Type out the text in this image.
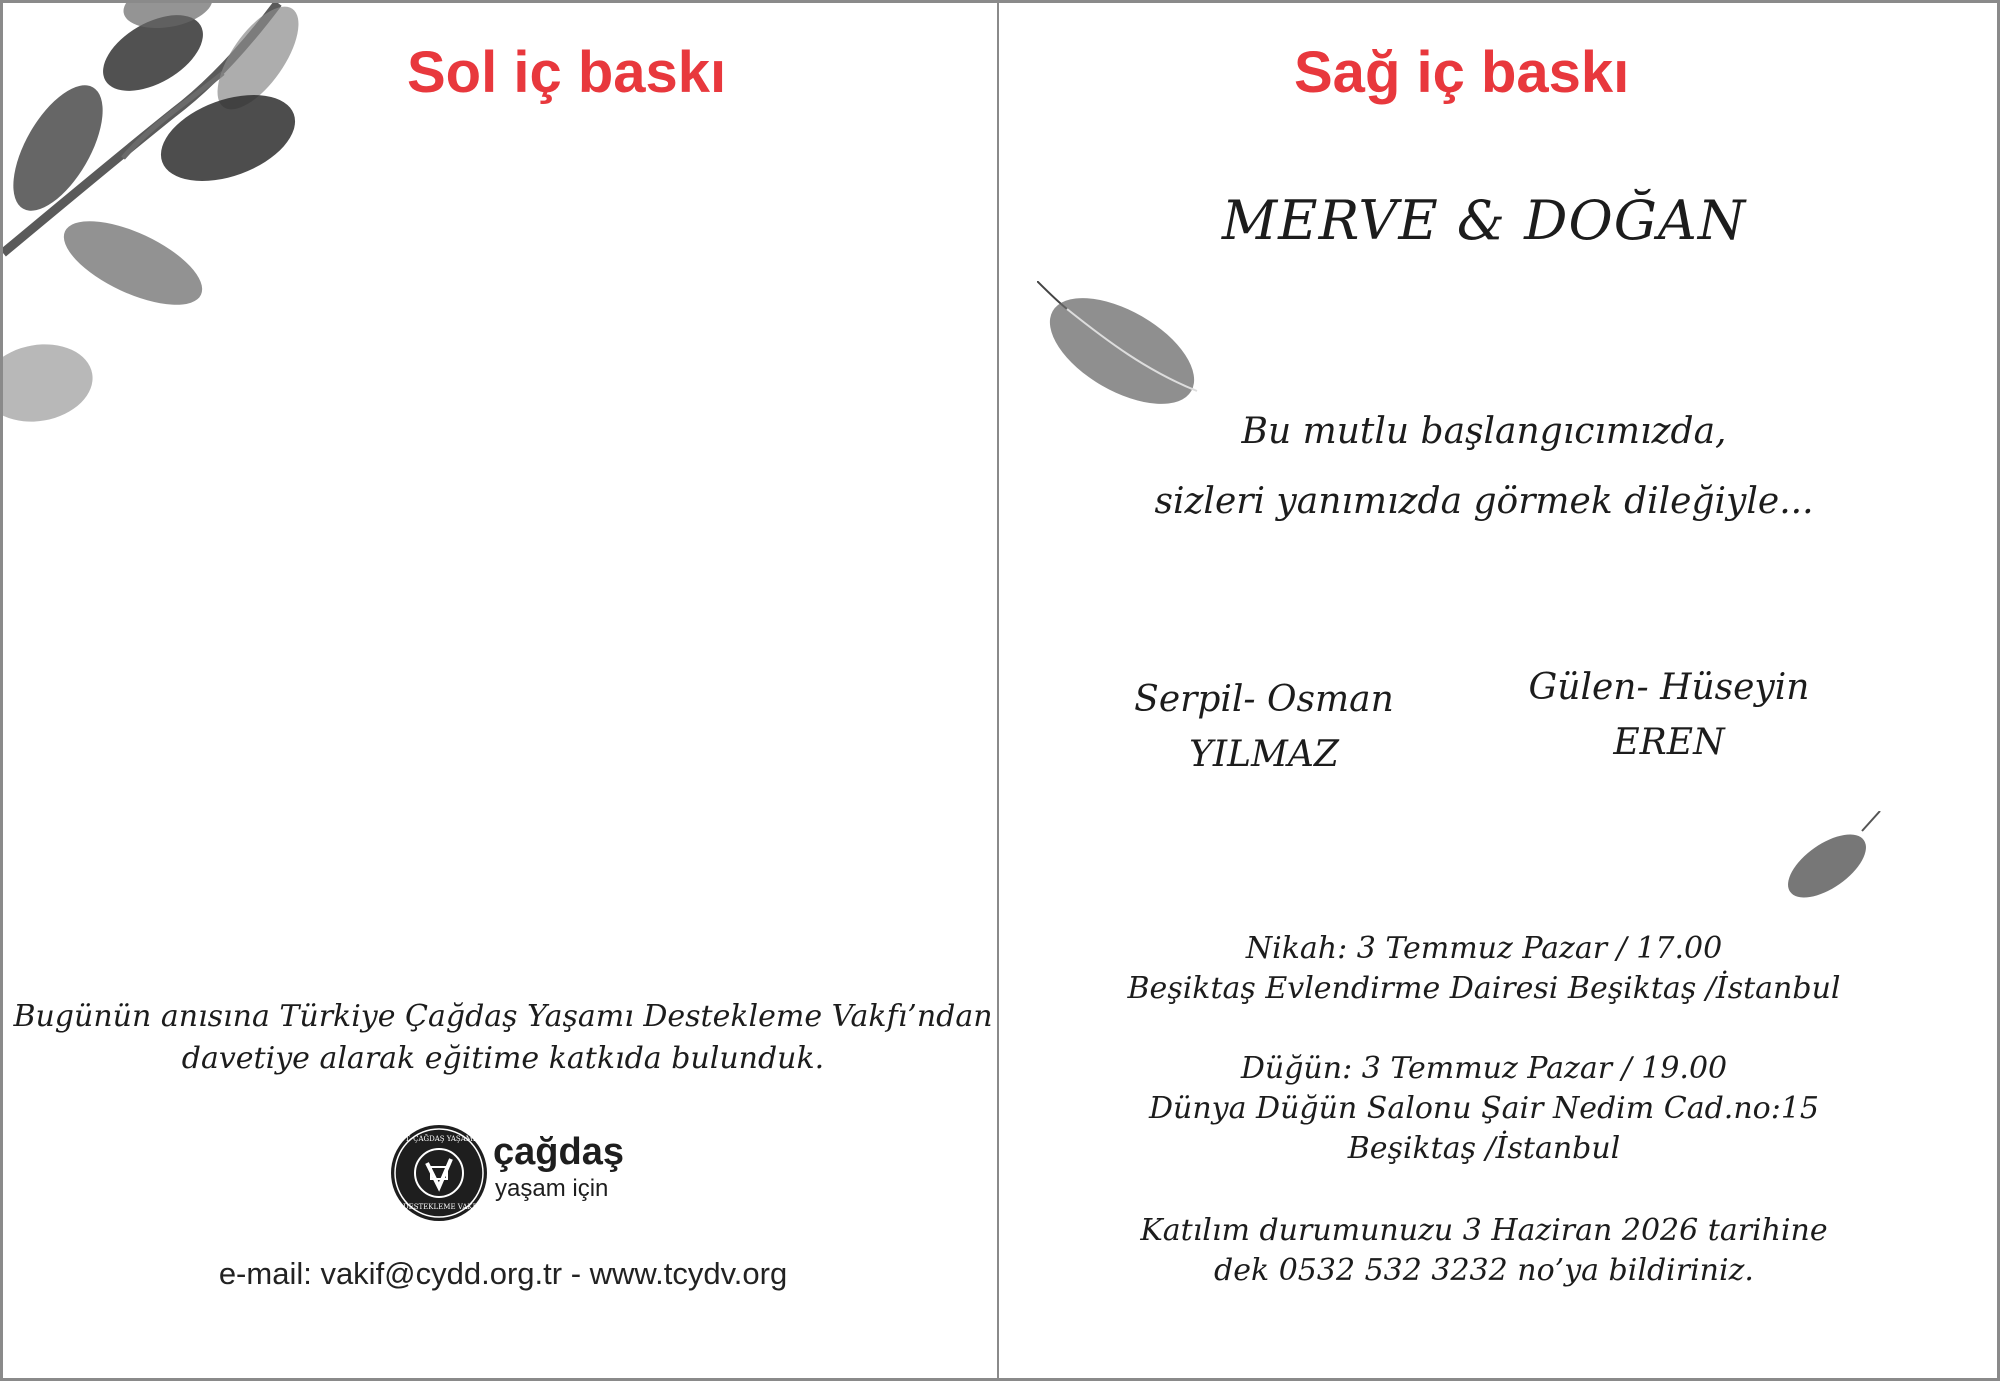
Sol iç baskı
Bugünün anısına Türkiye Çağdaş Yaşamı Destekleme Vakfı’ndan
davetiye alarak eğitime katkıda bulunduk.
T. ÇAĞDAŞ YAŞAMI
DESTEKLEME VAKFI
çağdaş
yaşam için
e-mail: vakif@cydd.org.tr - www.tcydv.org
Sağ iç baskı
MERVE & DOĞAN
Bu mutlu başlangıcımızda,
sizleri yanımızda görmek dileğiyle...
Serpil- Osman
YILMAZ
Gülen- Hüseyin
EREN
Nikah: 3 Temmuz Pazar / 17.00
Beşiktaş Evlendirme Dairesi Beşiktaş /İstanbul
Düğün: 3 Temmuz Pazar / 19.00
Dünya Düğün Salonu Şair Nedim Cad.no:15
Beşiktaş /İstanbul
Katılım durumunuzu 3 Haziran 2026 tarihine
dek 0532 532 3232 no’ya bildiriniz.
